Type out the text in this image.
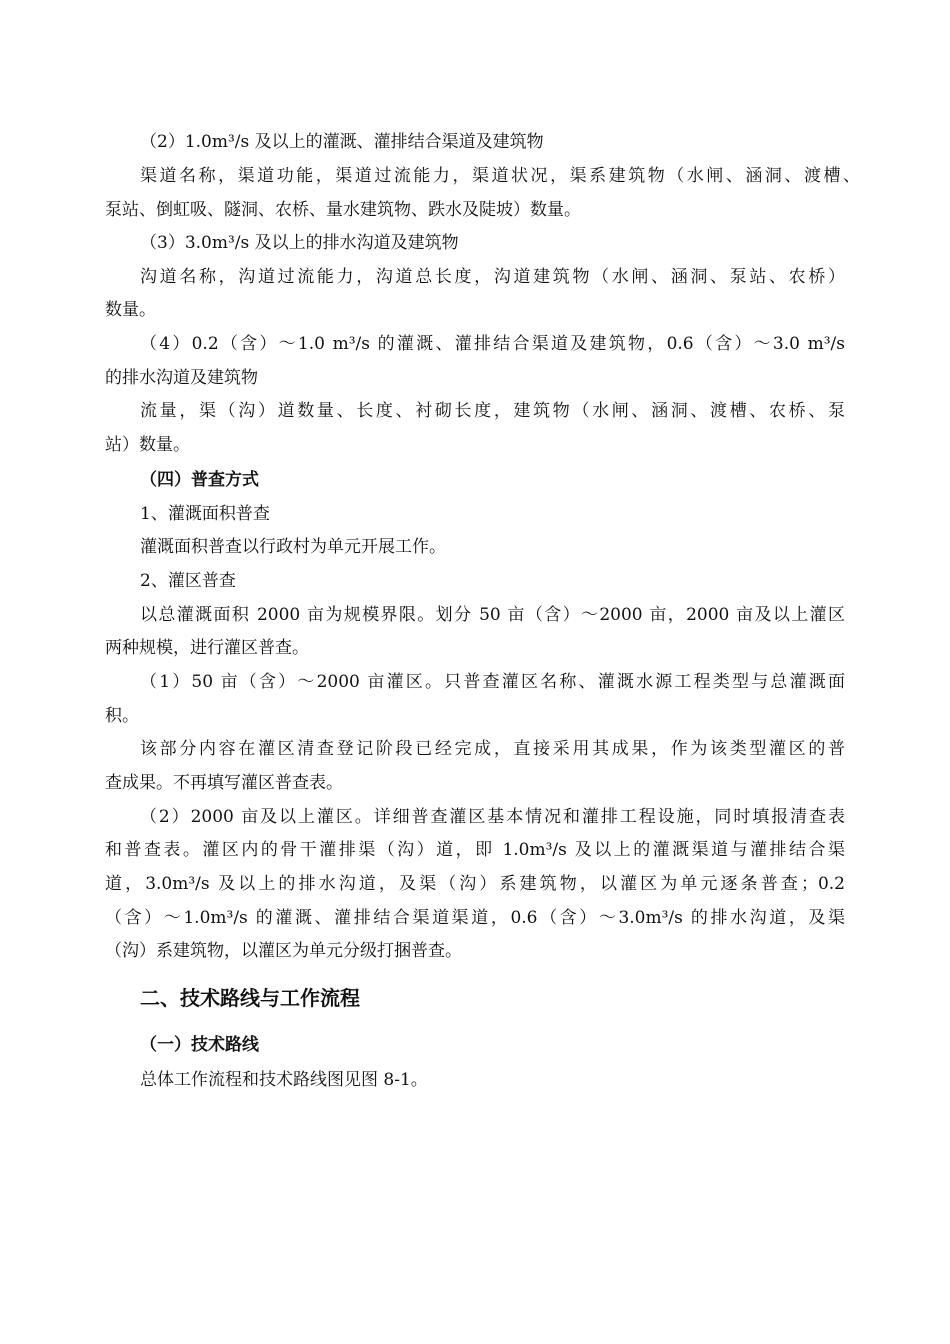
（2）1.0m³/s 及以上的灌溉、灌排结合渠道及建筑物
渠道名称，渠道功能，渠道过流能力，渠道状况，渠系建筑物（水闸、涵洞、渡槽、
泵站、倒虹吸、隧洞、农桥、量水建筑物、跌水及陡坡）数量。
（3）3.0m³/s 及以上的排水沟道及建筑物
沟道名称，沟道过流能力，沟道总长度，沟道建筑物（水闸、涵洞、泵站、农桥）
数量。
（4）0.2（含）～1.0 m³/s 的灌溉、灌排结合渠道及建筑物，0.6（含）～3.0 m³/s
的排水沟道及建筑物
流量，渠（沟）道数量、长度、衬砌长度，建筑物（水闸、涵洞、渡槽、农桥、泵
站）数量。
（四）普查方式
1、灌溉面积普查
灌溉面积普查以行政村为单元开展工作。
2、灌区普查
以总灌溉面积 2000 亩为规模界限。划分 50 亩（含）～2000 亩，2000 亩及以上灌区
两种规模，进行灌区普查。
（1）50 亩（含）～2000 亩灌区。只普查灌区名称、灌溉水源工程类型与总灌溉面
积。
该部分内容在灌区清查登记阶段已经完成，直接采用其成果，作为该类型灌区的普
查成果。不再填写灌区普查表。
（2）2000 亩及以上灌区。详细普查灌区基本情况和灌排工程设施，同时填报清查表
和普查表。灌区内的骨干灌排渠（沟）道，即 1.0m³/s 及以上的灌溉渠道与灌排结合渠
道，3.0m³/s 及以上的排水沟道，及渠（沟）系建筑物，以灌区为单元逐条普查；0.2
（含）～1.0m³/s 的灌溉、灌排结合渠道渠道，0.6（含）～3.0m³/s 的排水沟道，及渠
（沟）系建筑物，以灌区为单元分级打捆普查。
二、技术路线与工作流程
（一）技术路线
总体工作流程和技术路线图见图 8-1。
